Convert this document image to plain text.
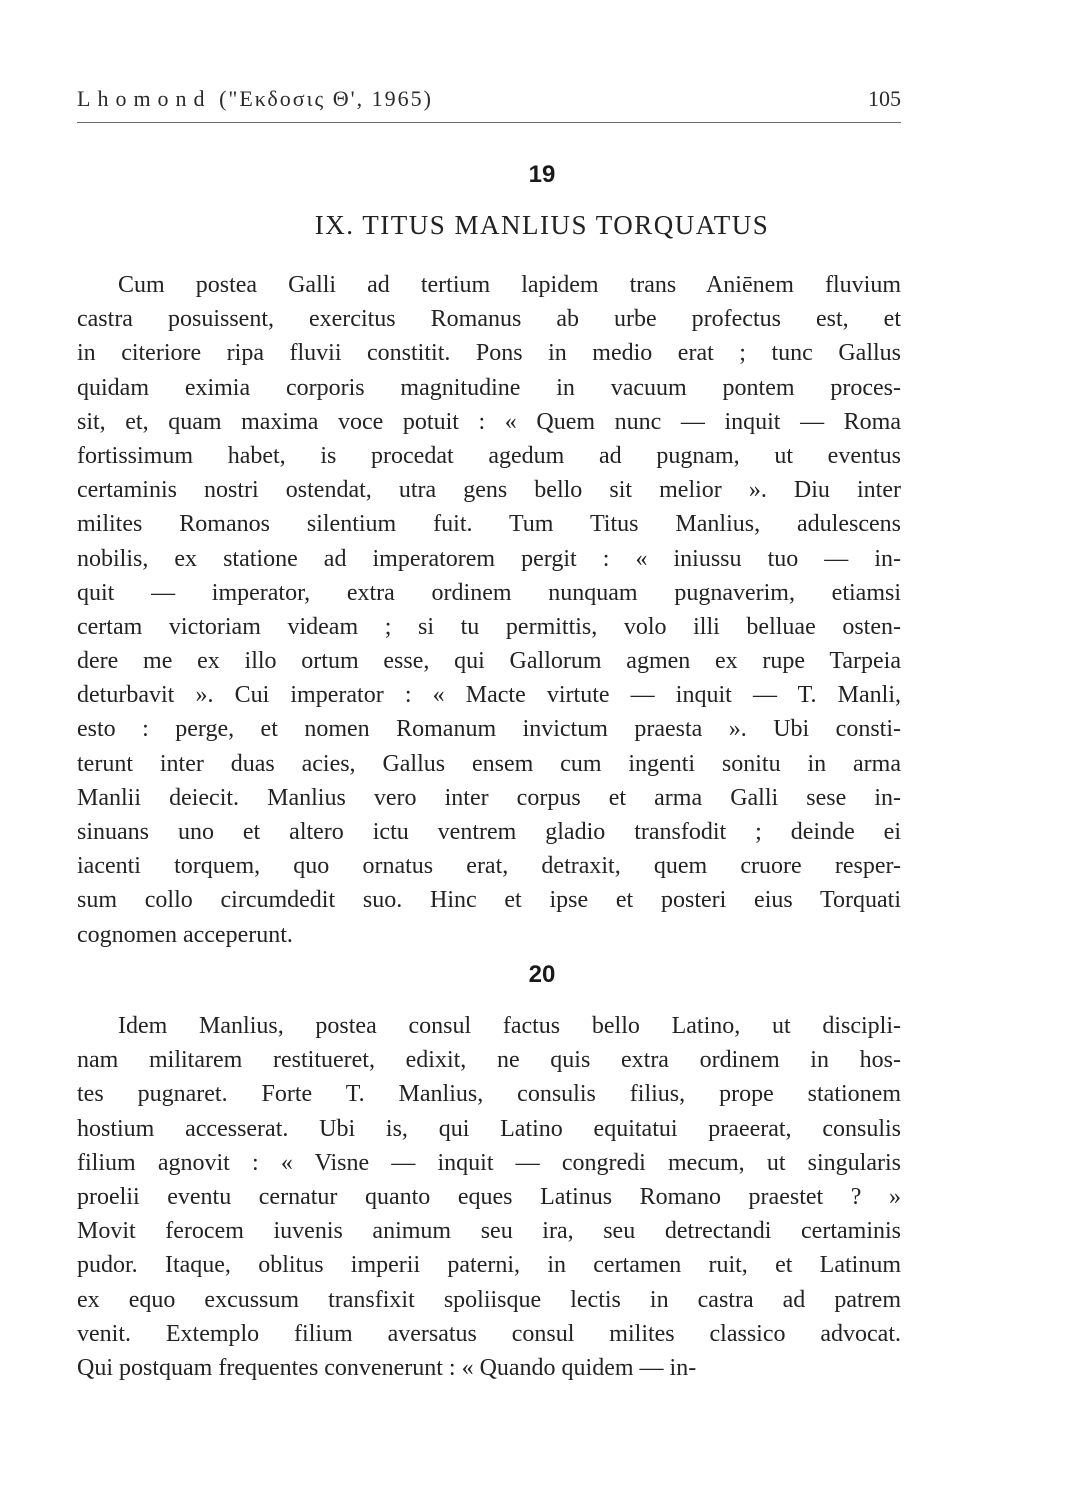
Lhomond ("Εκδοσις Θ', 1965)	105
19
IX. TITUS MANLIUS TORQUATUS
Cum postea Galli ad tertium lapidem trans Aniēnem fluvium
castra posuissent, exercitus Romanus ab urbe profectus est, et
in citeriore ripa fluvii constitit. Pons in medio erat ; tunc Gallus
quidam eximia corporis magnitudine in vacuum pontem proces-
sit, et, quam maxima voce potuit : « Quem nunc — inquit — Roma
fortissimum habet, is procedat agedum ad pugnam, ut eventus
certaminis nostri ostendat, utra gens bello sit melior ». Diu inter
milites Romanos silentium fuit. Tum Titus Manlius, adulescens
nobilis, ex statione ad imperatorem pergit : « iniussu tuo — in-
quit — imperator, extra ordinem nunquam pugnaverim, etiamsi
certam victoriam videam ; si tu permittis, volo illi belluae osten-
dere me ex illo ortum esse, qui Gallorum agmen ex rupe Tarpeia
deturbavit ». Cui imperator : « Macte virtute — inquit — T. Manli,
esto : perge, et nomen Romanum invictum praesta ». Ubi consti-
terunt inter duas acies, Gallus ensem cum ingenti sonitu in arma
Manlii deiecit. Manlius vero inter corpus et arma Galli sese in-
sinuans uno et altero ictu ventrem gladio transfodit ; deinde ei
iacenti torquem, quo ornatus erat, detraxit, quem cruore resper-
sum collo circumdedit suo. Hinc et ipse et posteri eius Torquati
cognomen acceperunt.
20
Idem Manlius, postea consul factus bello Latino, ut discipli-
nam militarem restitueret, edixit, ne quis extra ordinem in hos-
tes pugnaret. Forte T. Manlius, consulis filius, prope stationem
hostium accesserat. Ubi is, qui Latino equitatui praeerat, consulis
filium agnovit : « Visne — inquit — congredi mecum, ut singularis
proelii eventu cernatur quanto eques Latinus Romano praestet ? »
Movit ferocem iuvenis animum seu ira, seu detrectandi certaminis
pudor. Itaque, oblitus imperii paterni, in certamen ruit, et Latinum
ex equo excussum transfixit spoliisque lectis in castra ad patrem
venit. Extemplo filium aversatus consul milites classico advocat.
Qui postquam frequentes convenerunt : « Quando quidem — in-
